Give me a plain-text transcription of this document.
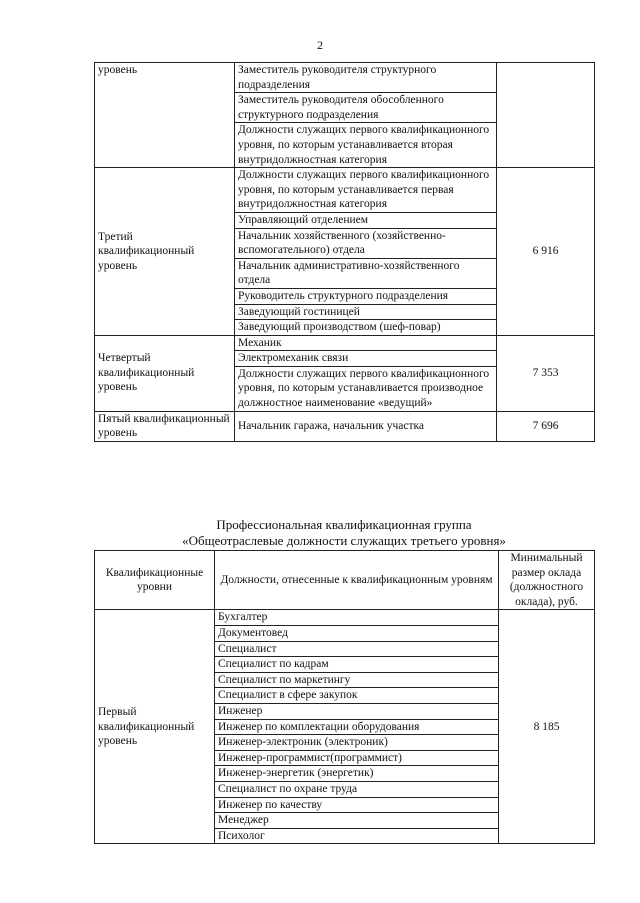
2
уровень	Заместитель руководителя структурного подразделения	
	Заместитель руководителя обособленного структурного подразделения	
	Должности служащих первого квалификационного уровня, по которым устанавливается вторая внутридолжностная категория	
Третий квалификационный уровень	Должности служащих первого квалификационного уровня, по которым устанавливается первая внутридолжностная категория	6 916
	Управляющий отделением	
	Начальник хозяйственного (хозяйственно-вспомогательного) отдела	
	Начальник административно-хозяйственного отдела	
	Руководитель структурного подразделения	
	Заведующий гостиницей	
	Заведующий производством (шеф-повар)	
Четвертый квалификационный уровень	Механик	7 353
	Электромеханик связи	
	Должности служащих первого квалификационного уровня, по которым устанавливается производное должностное наименование «ведущий»	
Пятый квалификационный уровень	Начальник гаража, начальник участка	7 696
Профессиональная квалификационная группа
«Общеотраслевые должности служащих третьего уровня»
Квалификационные уровни	Должности, отнесенные к квалификационным уровням	Минимальный размер оклада (должностного оклада), руб.
Первый квалификационный уровень	Бухгалтер	8 185
	Документовед	
	Специалист	
	Специалист по кадрам	
	Специалист по маркетингу	
	Специалист в сфере закупок	
	Инженер	
	Инженер по комплектации оборудования	
	Инженер-электроник (электроник)	
	Инженер-программист(программист)	
	Инженер-энергетик (энергетик)	
	Специалист по охране труда	
	Инженер по качеству	
	Менеджер	
	Психолог	
